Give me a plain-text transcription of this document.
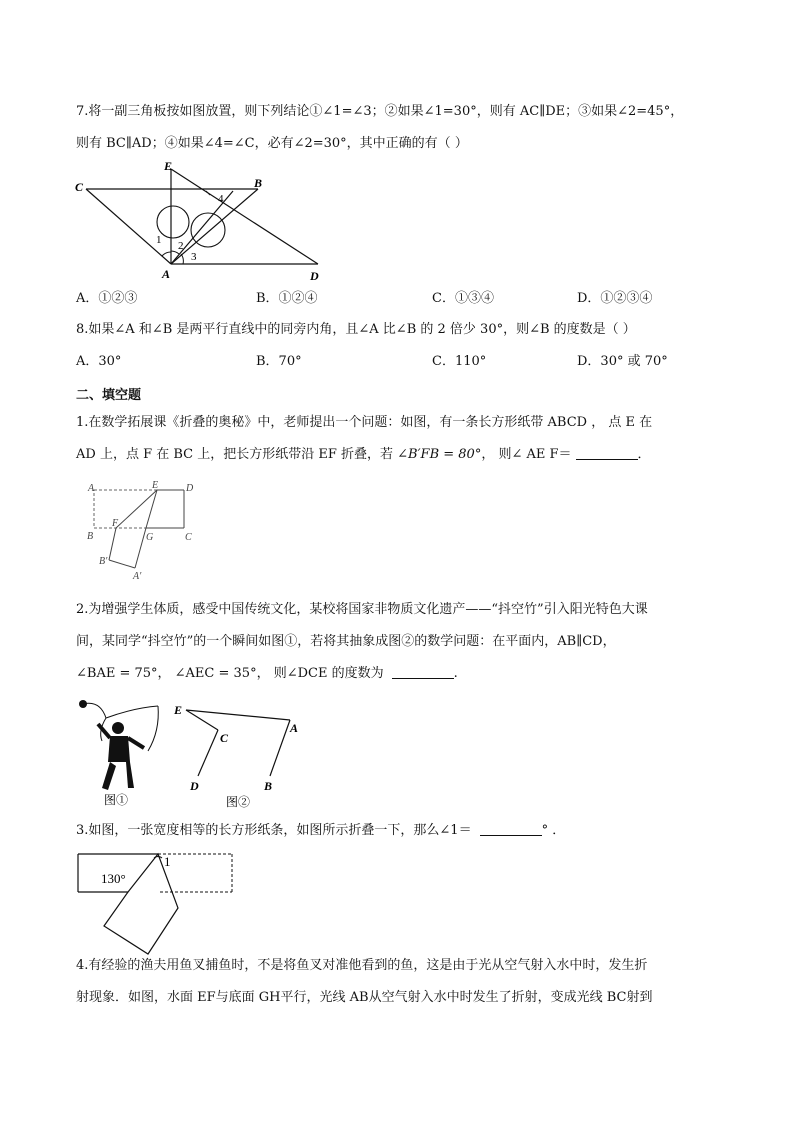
7.将一副三角板按如图放置，则下列结论①∠1=∠3；②如果∠1=30°，则有 AC∥DE；③如果∠2=45°，
则有 BC∥AD；④如果∠4=∠C，必有∠2=30°，其中正确的有（ ）
E
C	B
A	D
1 2
3
4
A．①②③	B．①②④	C．①③④	D．①②③④
8.如果∠A 和∠B 是两平行直线中的同旁内角，且∠A 比∠B 的 2 倍少 30°，则∠B 的度数是（ ）
A．30°	B．70°	C．110°	D．30° 或 70°
二、填空题
1.在数学拓展课《折叠的奥秘》中，老师提出一个问题：如图，有一条长方形纸带 ABCD ， 点 E 在
AD 上，点 F 在 BC 上，把长方形纸带沿 EF 折叠，若 ∠B′FB = 80°， 则∠ AE F＝	．
A	E	D
F
B	G	C
B′
A′
2.为增强学生体质，感受中国传统文化，某校将国家非物质文化遗产——“抖空竹”引入阳光特色大课
间，某同学“抖空竹”的一个瞬间如图①，若将其抽象成图②的数学问题：在平面内，AB∥CD，
∠BAE = 75°， ∠AEC = 35°， 则∠DCE 的度数为	.
图①
E
C
A
D	B
图②
3.如图，一张宽度相等的长方形纸条，如图所示折叠一下，那么∠1＝	° ．
130°
1
4.有经验的渔夫用鱼叉捕鱼时，不是将鱼叉对准他看到的鱼，这是由于光从空气射入水中时，发生折
射现象．如图，水面 EF与底面 GH平行，光线 AB从空气射入水中时发生了折射，变成光线 BC射到
